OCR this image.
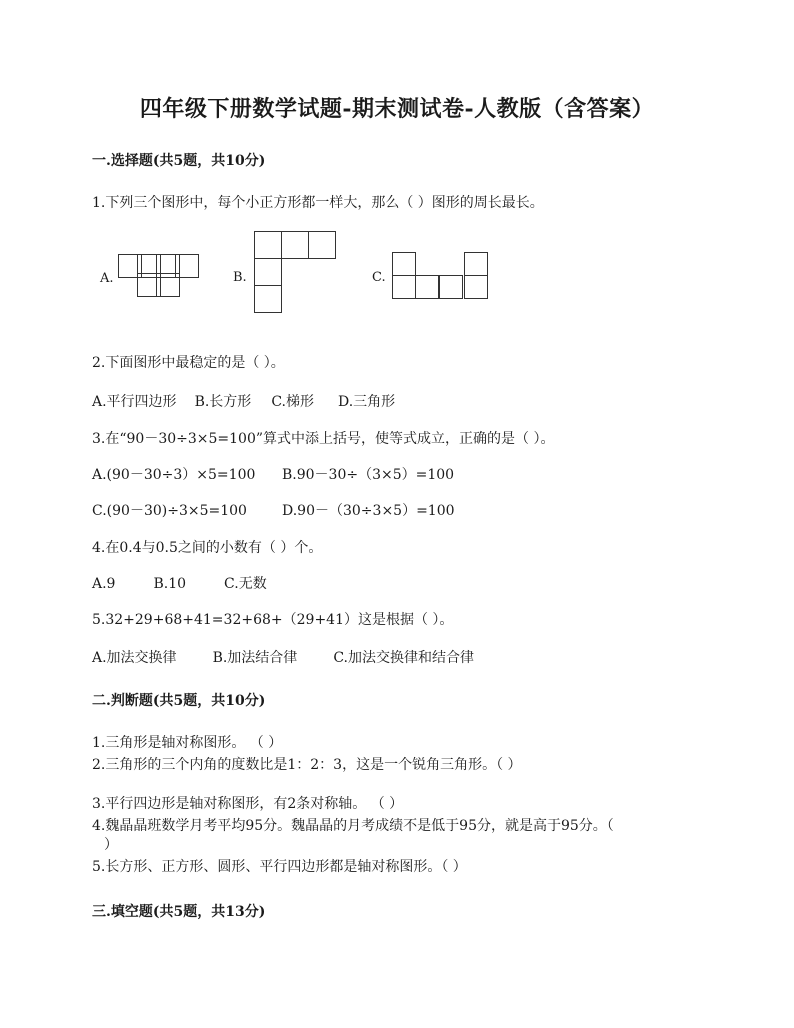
四年级下册数学试题-期末测试卷-人教版（含答案）
一.选择题(共5题，共10分)
1.下列三个图形中，每个小正方形都一样大，那么（ ）图形的周长最长。
A.	B.	C.
2.下面图形中最稳定的是（ ）。
A.平行四边形 B.长方形 C.梯形 D.三角形
3.在“90－30÷3×5=100”算式中添上括号，使等式成立，正确的是（ ）。
A.(90－30÷3）×5=100 B.90－30÷（3×5）=100
C.(90－30)÷3×5=100	D.90－（30÷3×5）=100
4.在0.4与0.5之间的小数有（ ）个。
A.9	B.10	C.无数
5.32+29+68+41=32+68+（29+41）这是根据（ ）。
A.加法交换律	B.加法结合律	C.加法交换律和结合律
二.判断题(共5题，共10分)
1.三角形是轴对称图形。 （ ）
2.三角形的三个内角的度数比是1：2：3，这是一个锐角三角形。（ ）
3.平行四边形是轴对称图形，有2条对称轴。 （ ）
4.魏晶晶班数学月考平均95分。魏晶晶的月考成绩不是低于95分，就是高于95分。（
）
5.长方形、正方形、圆形、平行四边形都是轴对称图形。（ ）
三.填空题(共5题，共13分)
